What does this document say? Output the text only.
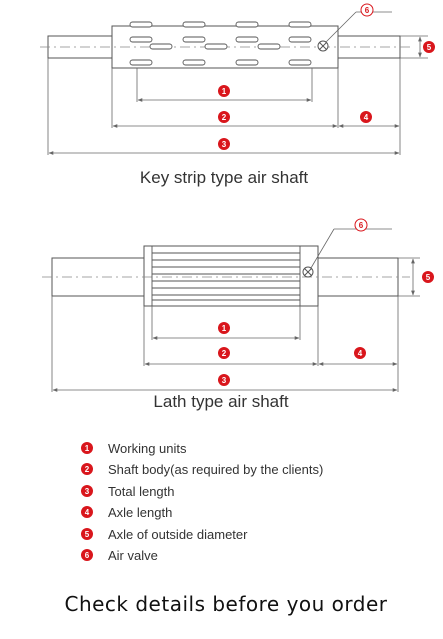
6
5
1
2	4
3
Key strip type air shaft
6
5
1
2	4
3
Lath type air shaft
1 Working units
2 Shaft body(as required by the clients)
3 Total length
4 Axle length
5 Axle of outside diameter
6 Air valve
Check details before you order
